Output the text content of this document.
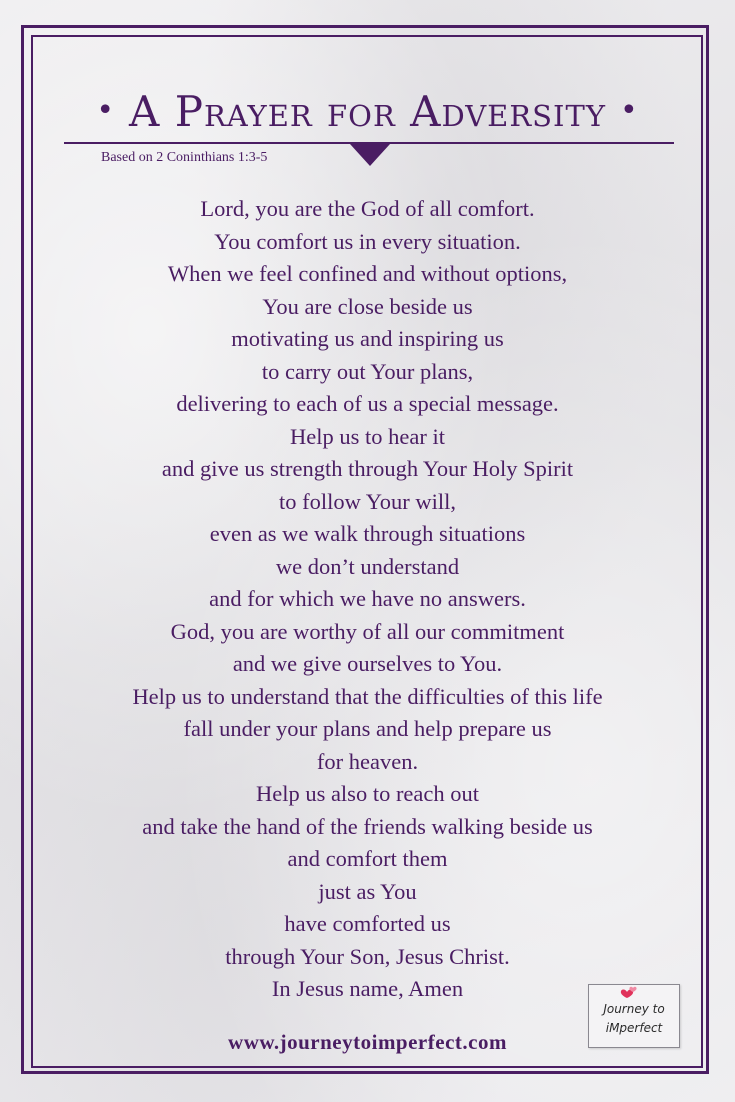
• A Prayer for Adversity •
Based on 2 Coninthians 1:3-5
Lord, you are the God of all comfort.
You comfort us in every situation.
When we feel confined and without options,
You are close beside us
motivating us and inspiring us
to carry out Your plans,
delivering to each of us a special message.
Help us to hear it
and give us strength through Your Holy Spirit
to follow Your will,
even as we walk through situations
we don’t understand
and for which we have no answers.
God, you are worthy of all our commitment
and we give ourselves to You.
Help us to understand that the difficulties of this life
fall under your plans and help prepare us
for heaven.
Help us also to reach out
and take the hand of the friends walking beside us
and comfort them
just as You
have comforted us
through Your Son, Jesus Christ.
In Jesus name, Amen
Journey to
iMperfect
www.journeytoimperfect.com
